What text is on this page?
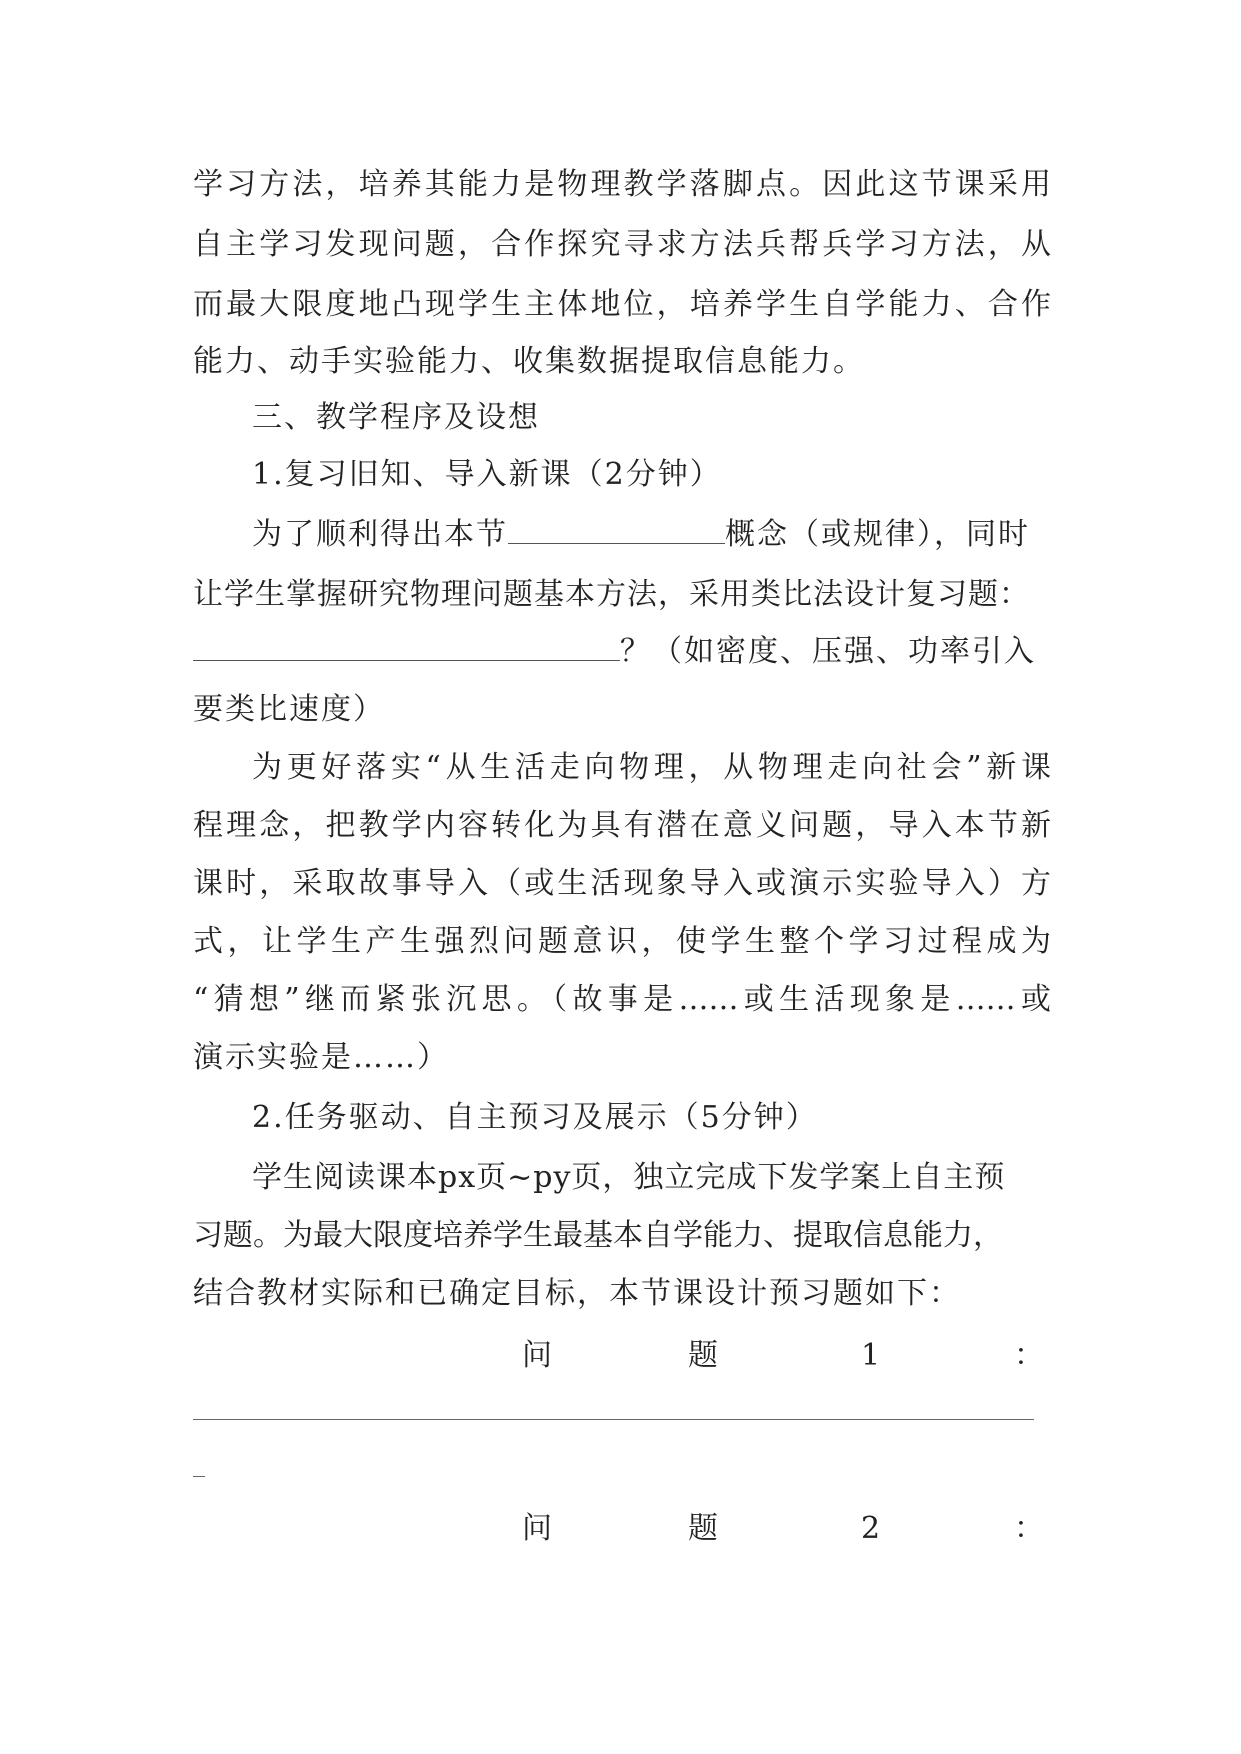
学习方法，培养其能力是物理教学落脚点。因此这节课采用
自主学习发现问题，合作探究寻求方法兵帮兵学习方法，从
而最大限度地凸现学生主体地位，培养学生自学能力、合作
能力、动手实验能力、收集数据提取信息能力。
三、教学程序及设想
1.复习旧知、导入新课（2分钟）
为了顺利得出本节	概念（或规律），同时
让学生掌握研究物理问题基本方法，采用类比法设计复习题：
？（如密度、压强、功率引入
要类比速度）
为更好落实“从生活走向物理，从物理走向社会”新课
程理念，把教学内容转化为具有潜在意义问题，导入本节新
课时，采取故事导入（或生活现象导入或演示实验导入）方
式，让学生产生强烈问题意识，使学生整个学习过程成为
“猜想”继而紧张沉思。（故事是……或生活现象是……或
演示实验是……）
2.任务驱动、自主预习及展示（5分钟）
学生阅读课本px页~py页，独立完成下发学案上自主预
习题。为最大限度培养学生最基本自学能力、提取信息能力，
结合教材实际和已确定目标，本节课设计预习题如下：
问	题	1	：
问	题	2	：
